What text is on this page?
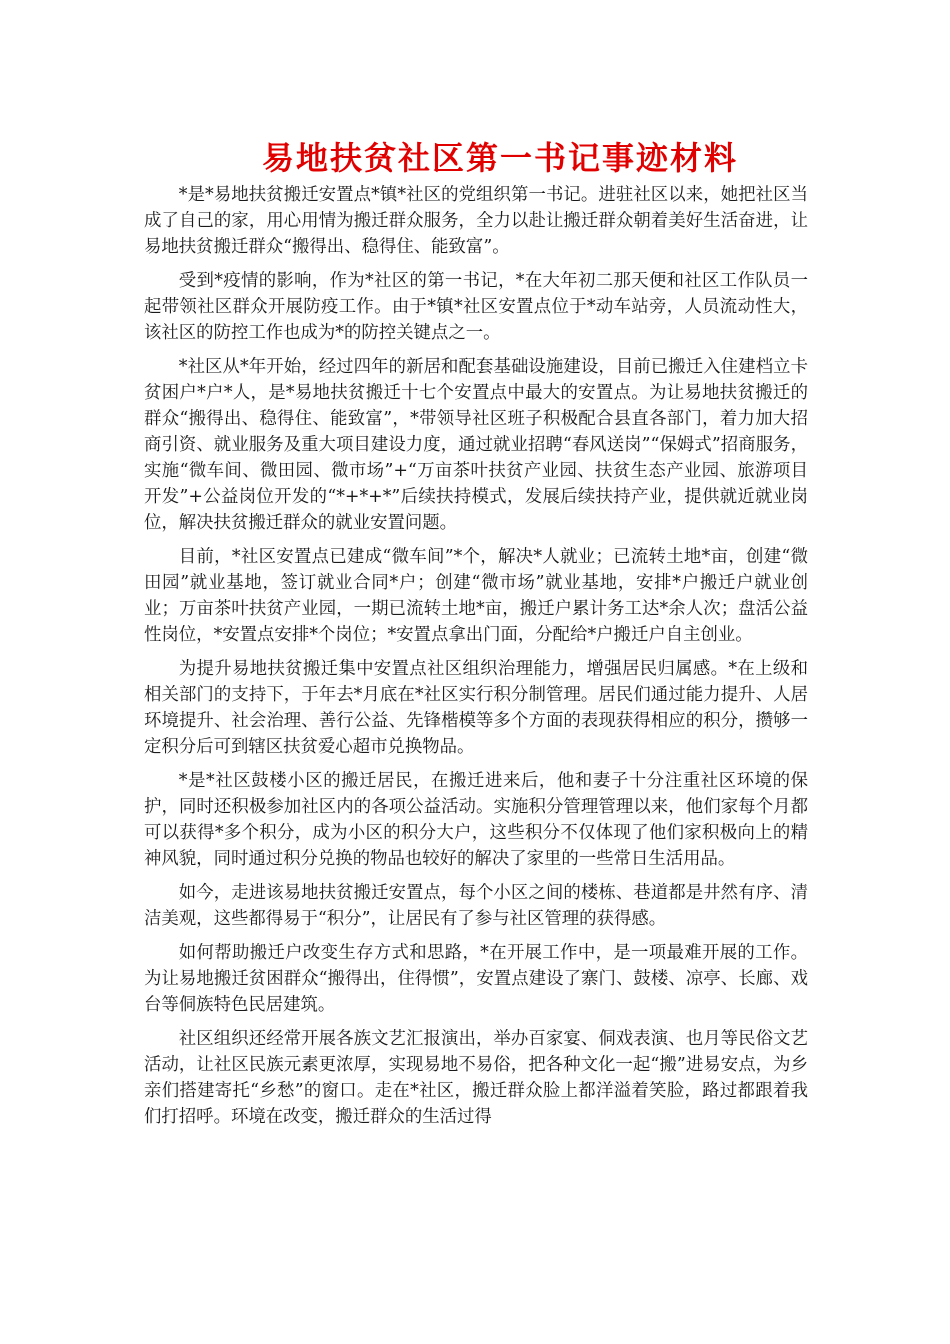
易地扶贫社区第一书记事迹材料

*是*易地扶贫搬迁安置点*镇*社区的党组织第一书记。进驻社区以来，她把社区当成了自己的家，用心用情为搬迁群众服务，全力以赴让搬迁群众朝着美好生活奋进，让易地扶贫搬迁群众“搬得出、稳得住、能致富”。

受到*疫情的影响，作为*社区的第一书记，*在大年初二那天便和社区工作队员一起带领社区群众开展防疫工作。由于*镇*社区安置点位于*动车站旁，人员流动性大，该社区的防控工作也成为*的防控关键点之一。

*社区从*年开始，经过四年的新居和配套基础设施建设，目前已搬迁入住建档立卡贫困户*户*人，是*易地扶贫搬迁十七个安置点中最大的安置点。为让易地扶贫搬迁的群众“搬得出、稳得住、能致富”，*带领导社区班子积极配合县直各部门，着力加大招商引资、就业服务及重大项目建设力度，通过就业招聘“春风送岗”“保姆式”招商服务，实施“微车间、微田园、微市场”+“万亩茶叶扶贫产业园、扶贫生态产业园、旅游项目开发”+公益岗位开发的“*+*+*”后续扶持模式，发展后续扶持产业，提供就近就业岗位，解决扶贫搬迁群众的就业安置问题。

目前，*社区安置点已建成“微车间”*个，解决*人就业；已流转土地*亩，创建“微田园”就业基地，签订就业合同*户；创建“微市场”就业基地，安排*户搬迁户就业创业；万亩茶叶扶贫产业园，一期已流转土地*亩，搬迁户累计务工达*余人次；盘活公益性岗位，*安置点安排*个岗位；*安置点拿出门面，分配给*户搬迁户自主创业。

为提升易地扶贫搬迁集中安置点社区组织治理能力，增强居民归属感。*在上级和相关部门的支持下，于年去*月底在*社区实行积分制管理。居民们通过能力提升、人居环境提升、社会治理、善行公益、先锋楷模等多个方面的表现获得相应的积分，攒够一定积分后可到辖区扶贫爱心超市兑换物品。

*是*社区鼓楼小区的搬迁居民，在搬迁进来后，他和妻子十分注重社区环境的保护，同时还积极参加社区内的各项公益活动。实施积分管理管理以来，他们家每个月都可以获得*多个积分，成为小区的积分大户，这些积分不仅体现了他们家积极向上的精神风貌，同时通过积分兑换的物品也较好的解决了家里的一些常日生活用品。

如今，走进该易地扶贫搬迁安置点，每个小区之间的楼栋、巷道都是井然有序、清洁美观，这些都得易于“积分”，让居民有了参与社区管理的获得感。

如何帮助搬迁户改变生存方式和思路，*在开展工作中，是一项最难开展的工作。为让易地搬迁贫困群众“搬得出，住得惯”，安置点建设了寨门、鼓楼、凉亭、长廊、戏台等侗族特色民居建筑。

社区组织还经常开展各族文艺汇报演出，举办百家宴、侗戏表演、也月等民俗文艺活动，让社区民族元素更浓厚，实现易地不易俗，把各种文化一起“搬”进易安点，为乡亲们搭建寄托“乡愁”的窗口。走在*社区，搬迁群众脸上都洋溢着笑脸，路过都跟着我们打招呼。环境在改变，搬迁群众的生活过得
